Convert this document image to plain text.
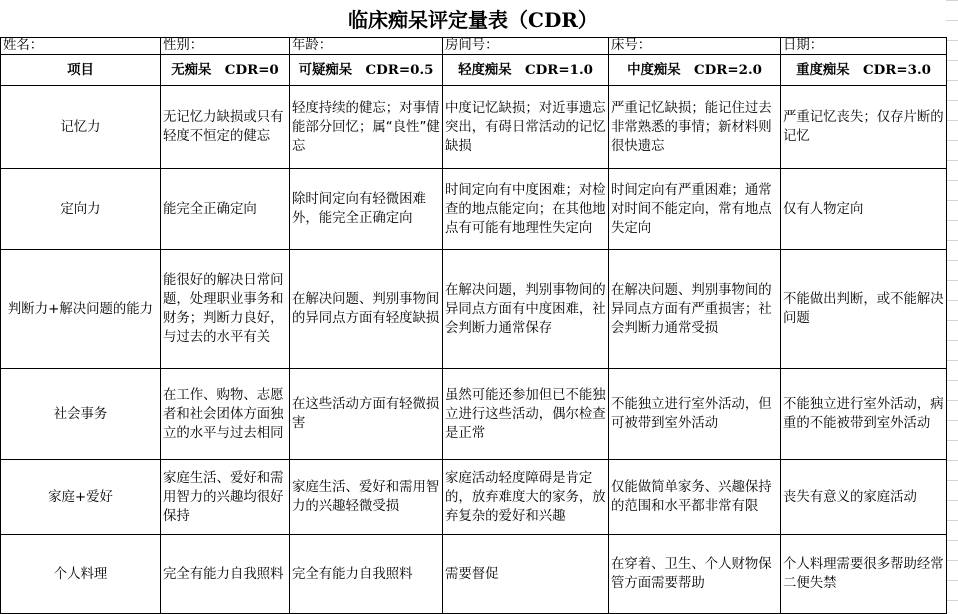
临床痴呆评定量表（CDR）
姓名：	性别：	年龄：	房间号：	床号：	日期：
项目	无痴呆　CDR=0	可疑痴呆　CDR=0.5	轻度痴呆　CDR=1.0	中度痴呆　CDR=2.0	重度痴呆　CDR=3.0
记忆力	无记忆力缺损或只有轻度不恒定的健忘	轻度持续的健忘；对事情能部分回忆；属“良性”健忘	中度记忆缺损；对近事遗忘突出，有碍日常活动的记忆缺损	严重记忆缺损；能记住过去非常熟悉的事情；新材料则很快遗忘	严重记忆丧失；仅存片断的记忆
定向力	能完全正确定向	除时间定向有轻微困难外，能完全正确定向	时间定向有中度困难；对检查的地点能定向；在其他地点有可能有地理性失定向	时间定向有严重困难；通常对时间不能定向，常有地点失定向	仅有人物定向
判断力+解决问题的能力	能很好的解决日常问题，处理职业事务和财务；判断力良好，与过去的水平有关	在解决问题、判别事物间的异同点方面有轻度缺损	在解决问题，判别事物间的异同点方面有中度困难，社会判断力通常保存	在解决问题、判别事物间的异同点方面有严重损害；社会判断力通常受损	不能做出判断，或不能解决问题
社会事务	在工作、购物、志愿者和社会团体方面独立的水平与过去相同	在这些活动方面有轻微损害	虽然可能还参加但已不能独立进行这些活动，偶尔检查是正常	不能独立进行室外活动，但可被带到室外活动	不能独立进行室外活动，病重的不能被带到室外活动
家庭+爱好	家庭生活、爱好和需用智力的兴趣均很好保持	家庭生活、爱好和需用智力的兴趣轻微受损	家庭活动轻度障碍是肯定的，放弃难度大的家务，放弃复杂的爱好和兴趣	仅能做简单家务、兴趣保持的范围和水平都非常有限	丧失有意义的家庭活动
个人料理	完全有能力自我照料	完全有能力自我照料	需要督促	在穿着、卫生、个人财物保管方面需要帮助	个人料理需要很多帮助经常二便失禁
